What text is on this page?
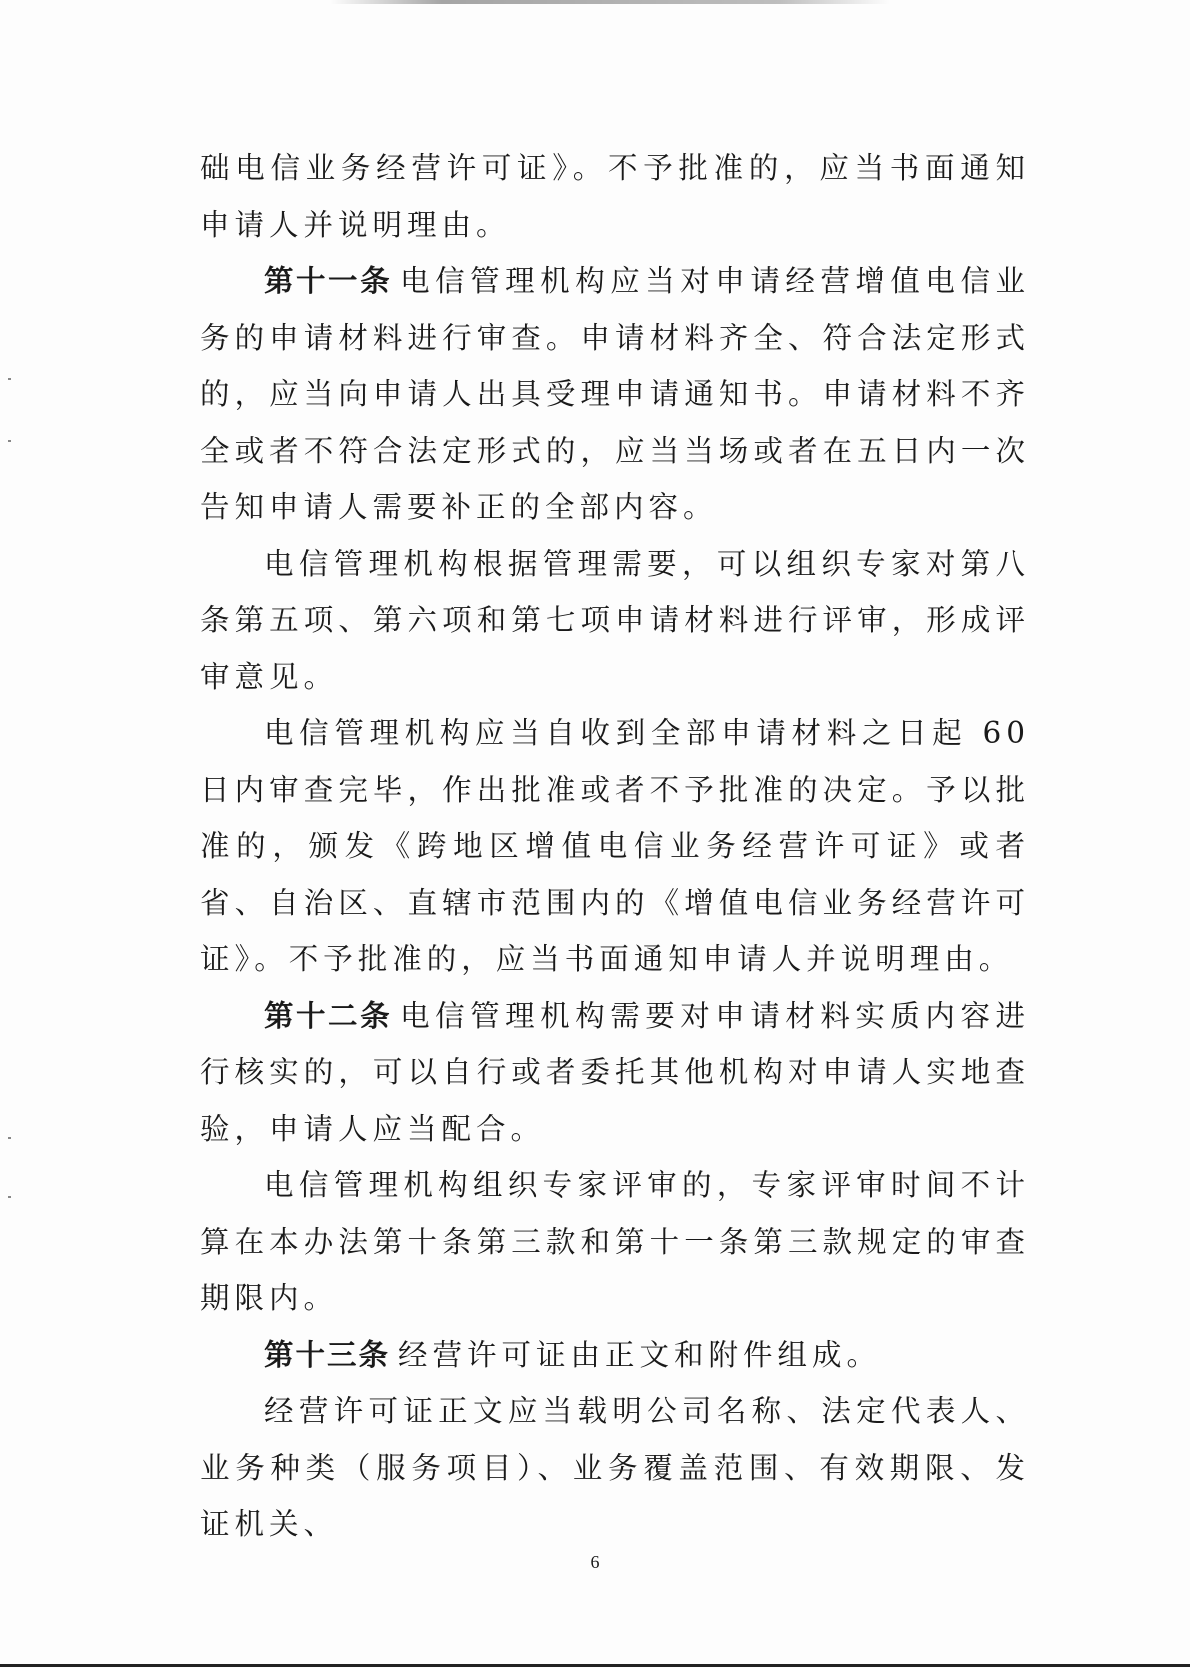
础电信业务经营许可证》。不予批准的，应当书面通知申请人并说明理由。

第十一条 电信管理机构应当对申请经营增值电信业务的申请材料进行审查。申请材料齐全、符合法定形式的，应当向申请人出具受理申请通知书。申请材料不齐全或者不符合法定形式的，应当当场或者在五日内一次告知申请人需要补正的全部内容。

电信管理机构根据管理需要，可以组织专家对第八条第五项、第六项和第七项申请材料进行评审，形成评审意见。

电信管理机构应当自收到全部申请材料之日起 60 日内审查完毕，作出批准或者不予批准的决定。予以批准的，颁发《跨地区增值电信业务经营许可证》或者省、自治区、直辖市范围内的《增值电信业务经营许可证》。不予批准的，应当书面通知申请人并说明理由。

第十二条 电信管理机构需要对申请材料实质内容进行核实的，可以自行或者委托其他机构对申请人实地查验，申请人应当配合。

电信管理机构组织专家评审的，专家评审时间不计算在本办法第十条第三款和第十一条第三款规定的审查期限内。

第十三条 经营许可证由正文和附件组成。

经营许可证正文应当载明公司名称、法定代表人、业务种类（服务项目）、业务覆盖范围、有效期限、发证机关、

6
